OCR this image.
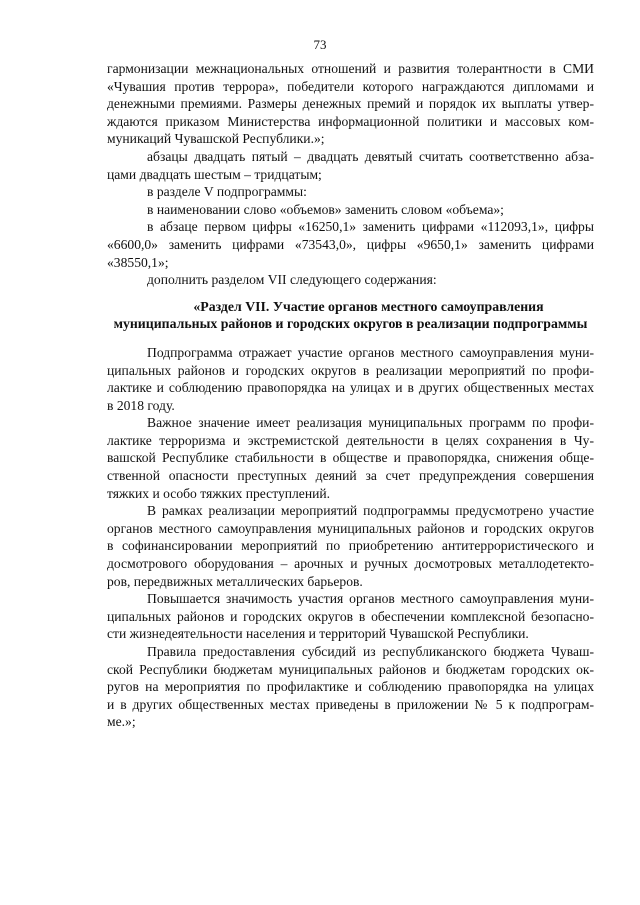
73
гармонизации межнациональных отношений и развития толерантности в СМИ
«Чувашия против террора», победители которого награждаются дипломами и
денежными премиями. Размеры денежных премий и порядок их выплаты утвер-
ждаются приказом Министерства информационной политики и массовых ком-
муникаций Чувашской Республики.»;
абзацы двадцать пятый – двадцать девятый считать соответственно абза-
цами двадцать шестым – тридцатым;
в разделе V подпрограммы:
в наименовании слово «объемов» заменить словом «объема»;
в абзаце первом цифры «16250,1» заменить цифрами «112093,1», цифры
«6600,0» заменить цифрами «73543,0», цифры «9650,1» заменить цифрами
«38550,1»;
дополнить разделом VII следующего содержания:
«Раздел VII. Участие органов местного самоуправления
муниципальных районов и городских округов в реализации подпрограммы
Подпрограмма отражает участие органов местного самоуправления муни-
ципальных районов и городских округов в реализации мероприятий по профи-
лактике и соблюдению правопорядка на улицах и в других общественных местах
в 2018 году.
Важное значение имеет реализация муниципальных программ по профи-
лактике терроризма и экстремистской деятельности в целях сохранения в Чу-
вашской Республике стабильности в обществе и правопорядка, снижения обще-
ственной опасности преступных деяний за счет предупреждения совершения
тяжких и особо тяжких преступлений.
В рамках реализации мероприятий подпрограммы предусмотрено участие
органов местного самоуправления муниципальных районов и городских округов
в софинансировании мероприятий по приобретению антитеррористического и
досмотрового оборудования – арочных и ручных досмотровых металлодетекто-
ров, передвижных металлических барьеров.
Повышается значимость участия органов местного самоуправления муни-
ципальных районов и городских округов в обеспечении комплексной безопасно-
сти жизнедеятельности населения и территорий Чувашской Республики.
Правила предоставления субсидий из республиканского бюджета Чуваш-
ской Республики бюджетам муниципальных районов и бюджетам городских ок-
ругов на мероприятия по профилактике и соблюдению правопорядка на улицах
и в других общественных местах приведены в приложении № 5 к подпрограм-
ме.»;
